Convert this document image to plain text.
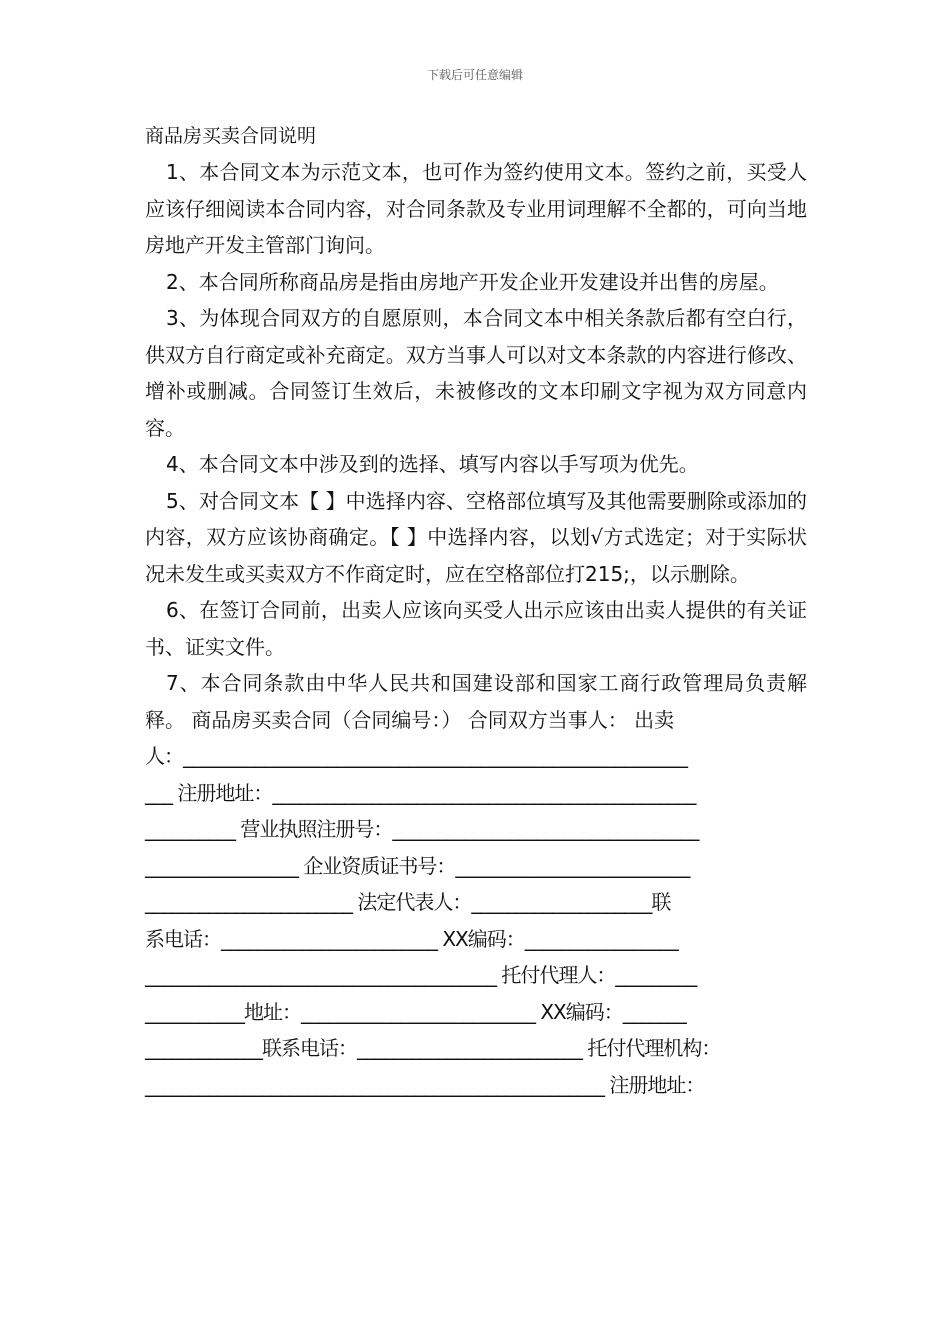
下载后可任意编辑

商品房买卖合同说明

1、本合同文本为示范文本，也可作为签约使用文本。签约之前，买受人应该仔细阅读本合同内容，对合同条款及专业用词理解不全都的，可向当地房地产开发主管部门询问。

2、本合同所称商品房是指由房地产开发企业开发建设并出售的房屋。

3、为体现合同双方的自愿原则，本合同文本中相关条款后都有空白行，供双方自行商定或补充商定。双方当事人可以对文本条款的内容进行修改、增补或删减。合同签订生效后，未被修改的文本印刷文字视为双方同意内容。

4、本合同文本中涉及到的选择、填写内容以手写项为优先。

5、对合同文本【 】中选择内容、空格部位填写及其他需要删除或添加的内容，双方应该协商确定。【 】中选择内容，以划√方式选定；对于实际状况未发生或买卖双方不作商定时，应在空格部位打215;，以示删除。

6、在签订合同前，出卖人应该向买受人出示应该由出卖人提供的有关证书、证实文件。

7、本合同条款由中华人民共和国建设部和国家工商行政管理局负责解释。 商品房买卖合同（合同编号：） 合同双方当事人： 出卖

人：________________________________________________________

___ 注册地址：_______________________________________________

__________ 营业执照注册号：__________________________________

_________________ 企业资质证书号：__________________________

_______________________ 法定代表人：____________________联

系电话：________________________ XX编码：_________________

_______________________________________ 托付代理人：_________

___________地址：__________________________ XX编码：_______

_____________联系电话：_________________________ 托付代理机构：

___________________________________________________ 注册地址：
